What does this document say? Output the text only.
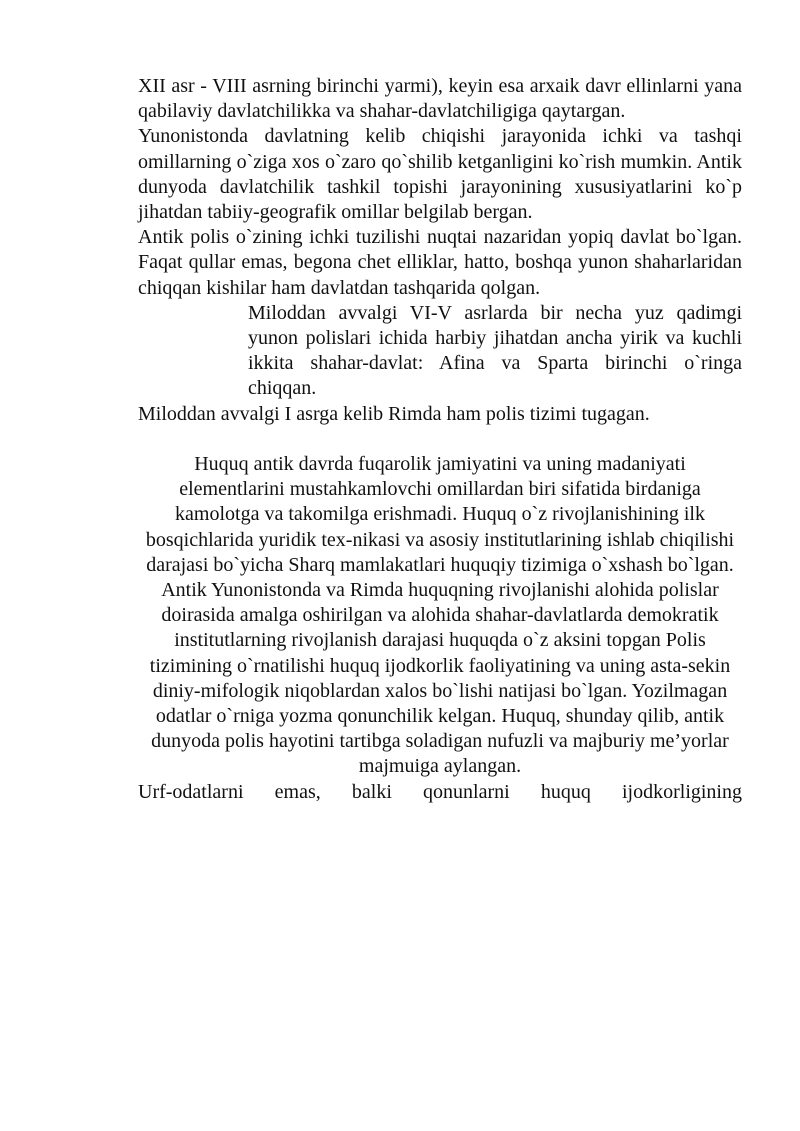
XII asr - VIII asrning birinchi yarmi), keyin esa arxaik davr ellinlarni yana qabilaviy davlatchilikka va shahar-davlatchiligiga qaytargan.

Yunonistonda davlatning kelib chiqishi jarayonida ichki va tashqi omillarning o`ziga xos o`zaro qo`shilib ketganligini ko`rish mumkin. Antik dunyoda davlatchilik tashkil topishi jarayonining xususiyatlarini ko`p jihatdan tabiiy-geografik omillar belgilab bergan.

Antik polis o`zining ichki tuzilishi nuqtai nazaridan yopiq davlat bo`lgan. Faqat qullar emas, begona chet elliklar, hatto, boshqa yunon shaharlaridan chiqqan kishilar ham davlatdan tashqarida qolgan.

Miloddan avvalgi VI-V asrlarda bir necha yuz qadimgi yunon polislari ichida harbiy jihatdan ancha yirik va kuchli ikkita shahar-davlat: Afina va Sparta birinchi o`ringa chiqqan.

Miloddan avvalgi I asrga kelib Rimda ham polis tizimi tugagan.

Huquq antik davrda fuqarolik jamiyatini va uning madaniyati elementlarini mustahkamlovchi omillardan biri sifatida birdaniga kamolotga va takomilga erishmadi. Huquq o`z rivojlanishining ilk bosqichlarida yuridik tex-nikasi va asosiy institutlarining ishlab chiqilishi darajasi bo`yicha Sharq mamlakatlari huquqiy tizimiga o`xshash bo`lgan. Antik Yunonistonda va Rimda huquqning rivojlanishi alohida polislar doirasida amalga oshirilgan va alohida shahar-davlatlarda demokratik institutlarning rivojlanish darajasi huquqda o`z aksini topgan Polis tizimining o`rnatilishi huquq ijodkorlik faoliyatining va uning asta-sekin diniy-mifologik niqoblardan xalos bo`lishi natijasi bo`lgan. Yozilmagan odatlar o`rniga yozma qonunchilik kelgan. Huquq, shunday qilib, antik dunyoda polis hayotini tartibga soladigan nufuzli va majburiy me’yorlar majmuiga aylangan.

Urf-odatlarni emas, balki qonunlarni huquq ijodkorligining
